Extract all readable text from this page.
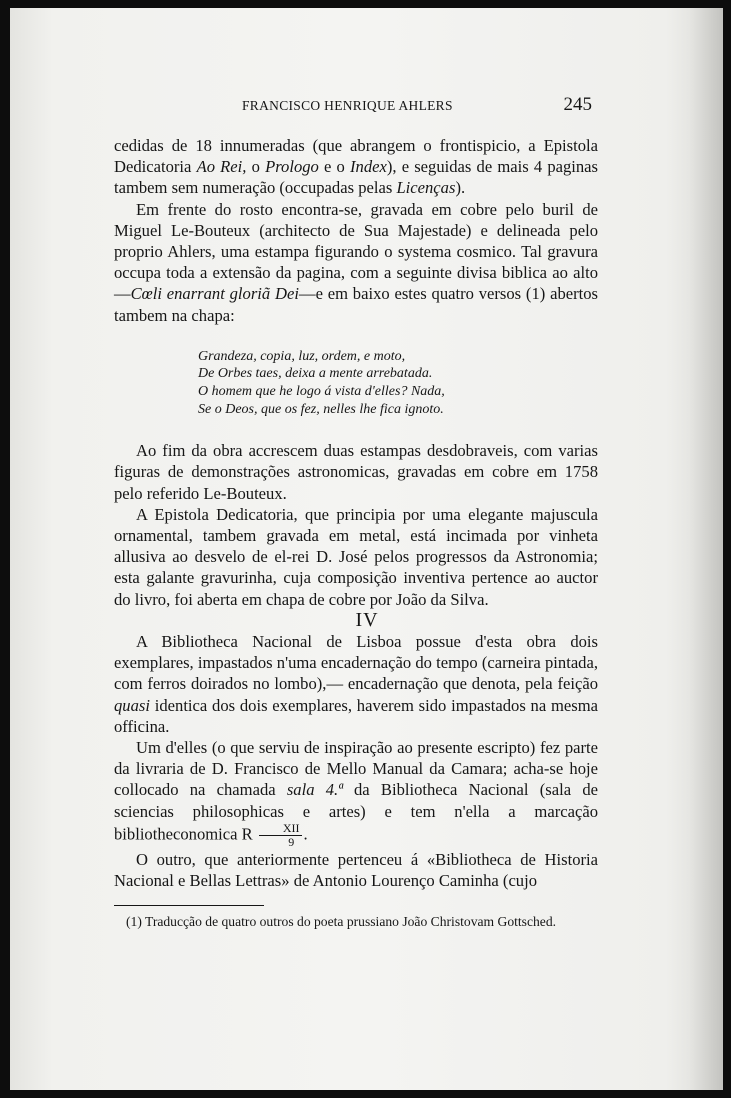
FRANCISCO HENRIQUE AHLERS	245

cedidas de 18 innumeradas (que abrangem o frontispicio, a Epistola Dedicatoria Ao Rei, o Prologo e o Index), e seguidas de mais 4 paginas tambem sem numeração (occupadas pelas Licenças).

Em frente do rosto encontra-se, gravada em cobre pelo buril de Miguel Le-Bouteux (architecto de Sua Majestade) e delineada pelo proprio Ahlers, uma estampa figurando o systema cosmico. Tal gravura occupa toda a extensão da pagina, com a seguinte divisa biblica ao alto—Cœli enarrant gloriã Dei—e em baixo estes quatro versos (1) abertos tambem na chapa:

Grandeza, copia, luz, ordem, e moto,
De Orbes taes, deixa a mente arrebatada.
O homem que he logo á vista d'elles? Nada,
Se o Deos, que os fez, nelles lhe fica ignoto.

Ao fim da obra accrescem duas estampas desdobraveis, com varias figuras de demonstrações astronomicas, gravadas em cobre em 1758 pelo referido Le-Bouteux.

A Epistola Dedicatoria, que principia por uma elegante majuscula ornamental, tambem gravada em metal, está incimada por vinheta allusiva ao desvelo de el-rei D. José pelos progressos da Astronomia; esta galante gravurinha, cuja composição inventiva pertence ao auctor do livro, foi aberta em chapa de cobre por João da Silva.

IV

A Bibliotheca Nacional de Lisboa possue d'esta obra dois exemplares, impastados n'uma encadernação do tempo (carneira pintada, com ferros doirados no lombo),— encadernação que denota, pela feição quasi identica dos dois exemplares, haverem sido impastados na mesma officina.

Um d'elles (o que serviu de inspiração ao presente escripto) fez parte da livraria de D. Francisco de Mello Manual da Camara; acha-se hoje collocado na chamada sala 4.ª da Bibliotheca Nacional (sala de sciencias philosophicas e artes) e tem n'ella a marcação bibliotheconomica R $\frac{\text{XII}}{9}$ .

O outro, que anteriormente pertenceu á «Bibliotheca de Historia Nacional e Bellas Lettras» de Antonio Lourenço Caminha (cujo

(1) Traducção de quatro outros do poeta prussiano João Christovam Gottsched.
